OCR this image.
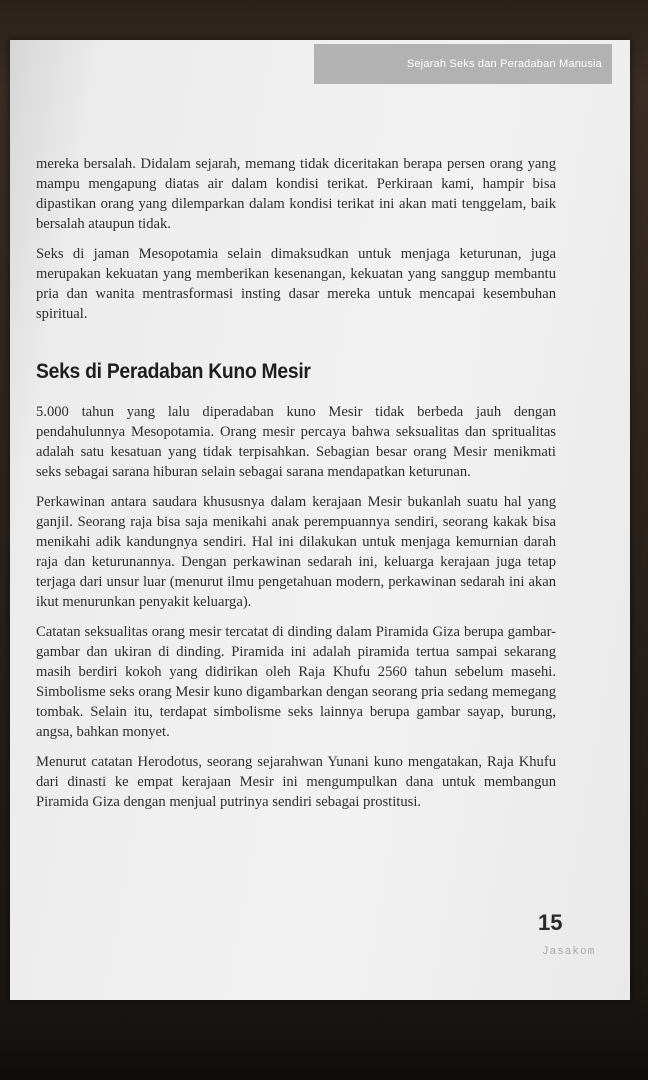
Sejarah Seks dan Peradaban Manusia

mereka bersalah. Didalam sejarah, memang tidak diceritakan berapa persen orang yang mampu mengapung diatas air dalam kondisi terikat. Perkiraan kami, hampir bisa dipastikan orang yang dilemparkan dalam kondisi terikat ini akan mati tenggelam, baik bersalah ataupun tidak.

Seks di jaman Mesopotamia selain dimaksudkan untuk menjaga keturunan, juga merupakan kekuatan yang memberikan kesenangan, kekuatan yang sanggup membantu pria dan wanita mentrasformasi insting dasar mereka untuk mencapai kesembuhan spiritual.

Seks di Peradaban Kuno Mesir

5.000 tahun yang lalu diperadaban kuno Mesir tidak berbeda jauh dengan pendahulunnya Mesopotamia. Orang mesir percaya bahwa seksualitas dan spritualitas adalah satu kesatuan yang tidak terpisahkan. Sebagian besar orang Mesir menikmati seks sebagai sarana hiburan selain sebagai sarana mendapatkan keturunan.

Perkawinan antara saudara khususnya dalam kerajaan Mesir bukanlah suatu hal yang ganjil. Seorang raja bisa saja menikahi anak perempuannya sendiri, seorang kakak bisa menikahi adik kandungnya sendiri. Hal ini dilakukan untuk menjaga kemurnian darah raja dan keturunannya. Dengan perkawinan sedarah ini, keluarga kerajaan juga tetap terjaga dari unsur luar (menurut ilmu pengetahuan modern, perkawinan sedarah ini akan ikut menurunkan penyakit keluarga).

Catatan seksualitas orang mesir tercatat di dinding dalam Piramida Giza berupa gambar-gambar dan ukiran di dinding. Piramida ini adalah piramida tertua sampai sekarang masih berdiri kokoh yang didirikan oleh Raja Khufu 2560 tahun sebelum masehi. Simbolisme seks orang Mesir kuno digambarkan dengan seorang pria sedang memegang tombak. Selain itu, terdapat simbolisme seks lainnya berupa gambar sayap, burung, angsa, bahkan monyet.

Menurut catatan Herodotus, seorang sejarahwan Yunani kuno mengatakan, Raja Khufu dari dinasti ke empat kerajaan Mesir ini mengumpulkan dana untuk membangun Piramida Giza dengan menjual putrinya sendiri sebagai prostitusi.

15
Jasakom
